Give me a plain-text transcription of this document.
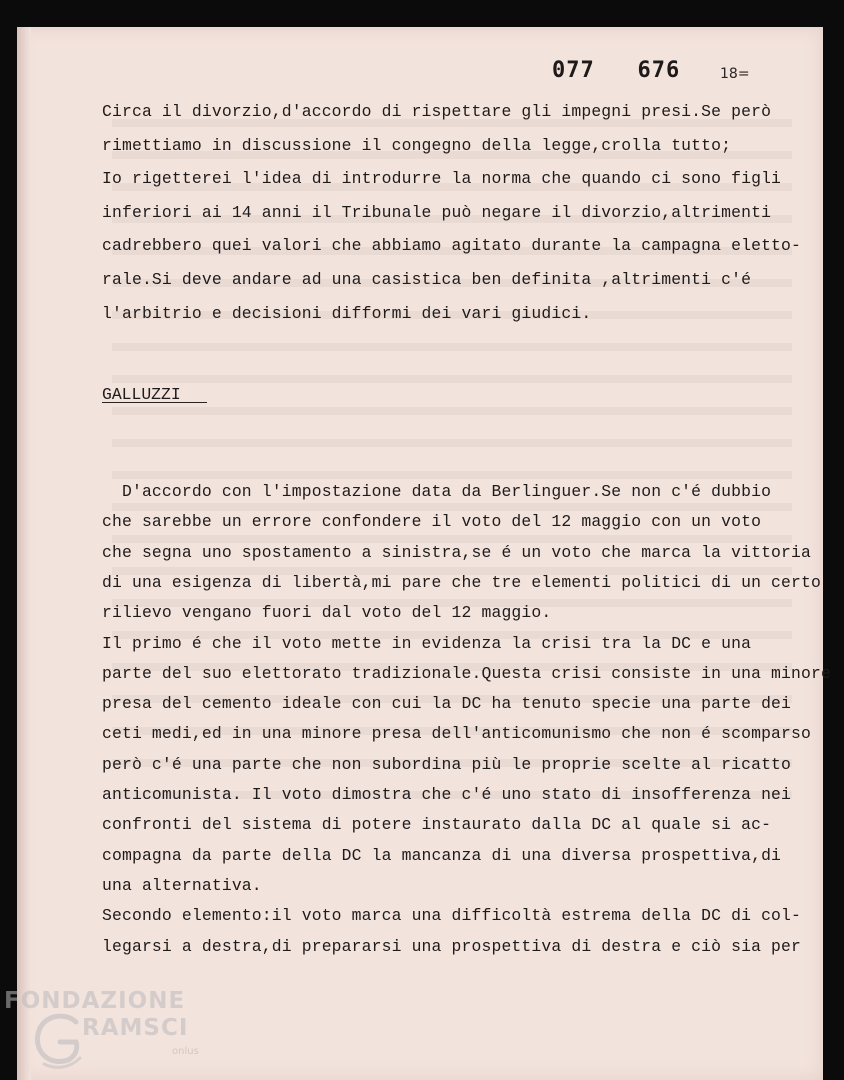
077   676	18=

Circa il divorzio,d'accordo di rispettare gli impegni presi.Se però

rimettiamo in discussione il congegno della legge,crolla tutto;

Io rigetterei l'idea di introdurre la norma che quando ci sono figli

inferiori ai 14 anni il Tribunale può negare il divorzio,altrimenti

cadrebbero quei valori che abbiamo agitato durante la campagna eletto-

rale.Si deve andare ad una casistica ben definita ,altrimenti c'é

l'arbitrio e decisioni difformi dei vari giudici.

GALLUZZI

D'accordo con l'impostazione data da Berlinguer.Se non c'é dubbio

che sarebbe un errore confondere il voto del 12 maggio con un voto

che segna uno spostamento a sinistra,se é un voto che marca la vittoria

di una esigenza di libertà,mi pare che tre elementi politici di un certo

rilievo vengano fuori dal voto del 12 maggio.

Il primo é che il voto mette in evidenza la crisi tra la DC e una

parte del suo elettorato tradizionale.Questa crisi consiste in una minore

presa del cemento ideale con cui la DC ha tenuto specie una parte dei

ceti medi,ed in una minore presa dell'anticomunismo che non é scomparso

però c'é una parte che non subordina più le proprie scelte al ricatto

anticomunista. Il voto dimostra che c'é uno stato di insofferenza nei

confronti del sistema di potere instaurato dalla DC al quale si ac-

compagna da parte della DC la mancanza di una diversa prospettiva,di

una alternativa.

Secondo elemento:il voto marca una difficoltà estrema della DC di col-

legarsi a destra,di prepararsi una prospettiva di destra e ciò sia per

FONDAZIONE
RAMSCI
onlus
